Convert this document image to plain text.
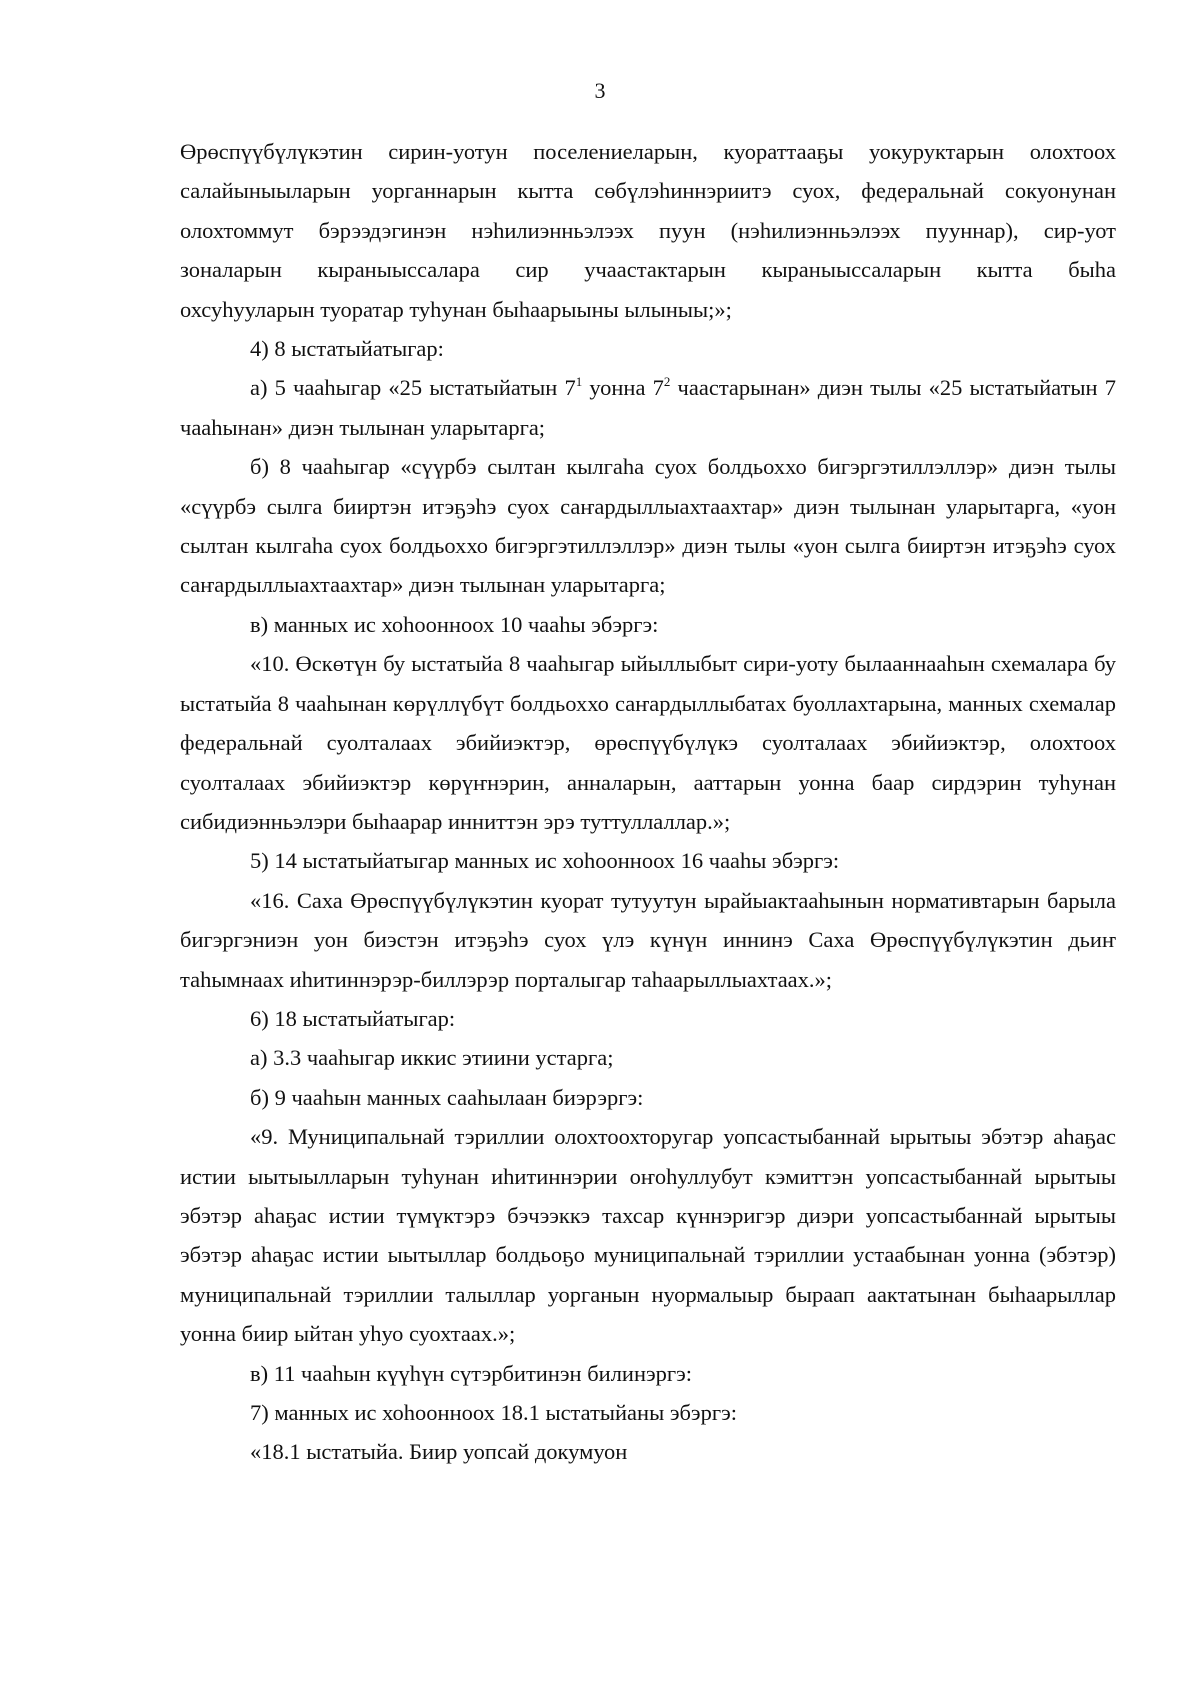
3

Өрөспүүбүлүкэтин сирин-уотун поселениеларын, куораттааҕы уокуруктарын олохтоох

салайыныыларын уорганнарын кытта сөбүлэһиннэриитэ суох, федеральнай сокуонунан

олохтоммут бэрээдэгинэн нэһилиэнньэлээх пуун (нэһилиэнньэлээх пууннар), сир-уот

зоналарын кыраныыссалара сир учаастактарын кыраныыссаларын кытта быһа

охсуһууларын туоратар туһунан быһаарыыны ылыныы;»;

4) 8 ыстатыйатыгар:

а) 5 чааһыгар «25 ыстатыйатын $7^1$ уонна $7^2$ чаастарынан» диэн тылы «25 ыстатыйатын 7 чааһынан» диэн тылынан уларытарга;

б) 8 чааһыгар «сүүрбэ сылтан кылгаһа суох болдьоххо бигэргэтиллэллэр» диэн тылы «сүүрбэ сылга бииртэн итэҕэһэ суох саҥардыллыахтаахтар» диэн тылынан уларытарга, «уон сылтан кылгаһа суох болдьоххо бигэргэтиллэллэр» диэн тылы «уон сылга бииртэн итэҕэһэ суох саҥардыллыахтаахтар» диэн тылынан уларытарга;

в) манных ис хоһоонноох 10 чааһы эбэргэ:

«10. Өскөтүн бу ыстатыйа 8 чааһыгар ыйыллыбыт сири-уоту былааннааһын схемалара бу ыстатыйа 8 чааһынан көрүллүбүт болдьоххо саҥардыллыбатах буоллахтарына, манных схемалар федеральнай суолталаах эбийиэктэр, өрөспүүбүлүкэ суолталаах эбийиэктэр, олохтоох суолталаах эбийиэктэр көрүҥнэрин, анналарын, ааттарын уонна баар сирдэрин туһунан сибидиэнньэлэри быһаарар инниттэн эрэ туттуллаллар.»;

5) 14 ыстатыйатыгар манных ис хоһоонноох 16 чааһы эбэргэ:

«16. Саха Өрөспүүбүлүкэтин куорат тутуутун ырайыактааһынын нормативтарын барыла бигэргэниэн уон биэстэн итэҕэһэ суох үлэ күнүн иннинэ Саха Өрөспүүбүлүкэтин дьиҥ таһымнаах иһитиннэрэр-биллэрэр порталыгар таһаарыллыахтаах.»;

6) 18 ыстатыйатыгар:

а) 3.3 чааһыгар иккис этиини устарга;

б) 9 чааһын манных сааһылаан биэрэргэ:

«9. Муниципальнай тэриллии олохтоохторугар уопсастыбаннай ырытыы эбэтэр аһаҕас истии ыытыылларын туһунан иһитиннэрии оҥоһуллубут кэмиттэн уопсастыбаннай ырытыы эбэтэр аһаҕас истии түмүктэрэ бэчээккэ тахсар күннэригэр диэри уопсастыбаннай ырытыы эбэтэр аһаҕас истии ыытыллар болдьоҕо муниципальнай тэриллии устаабынан уонна (эбэтэр) муниципальнай тэриллии талыллар уорганын нуормалыыр быраап аактатынан быһаарыллар уонна биир ыйтан уһуо суохтаах.»;

в) 11 чааһын күүһүн сүтэрбитинэн билинэргэ:

7) манных ис хоһоонноох 18.1 ыстатыйаны эбэргэ:

«18.1 ыстатыйа. Биир уопсай докумуон
